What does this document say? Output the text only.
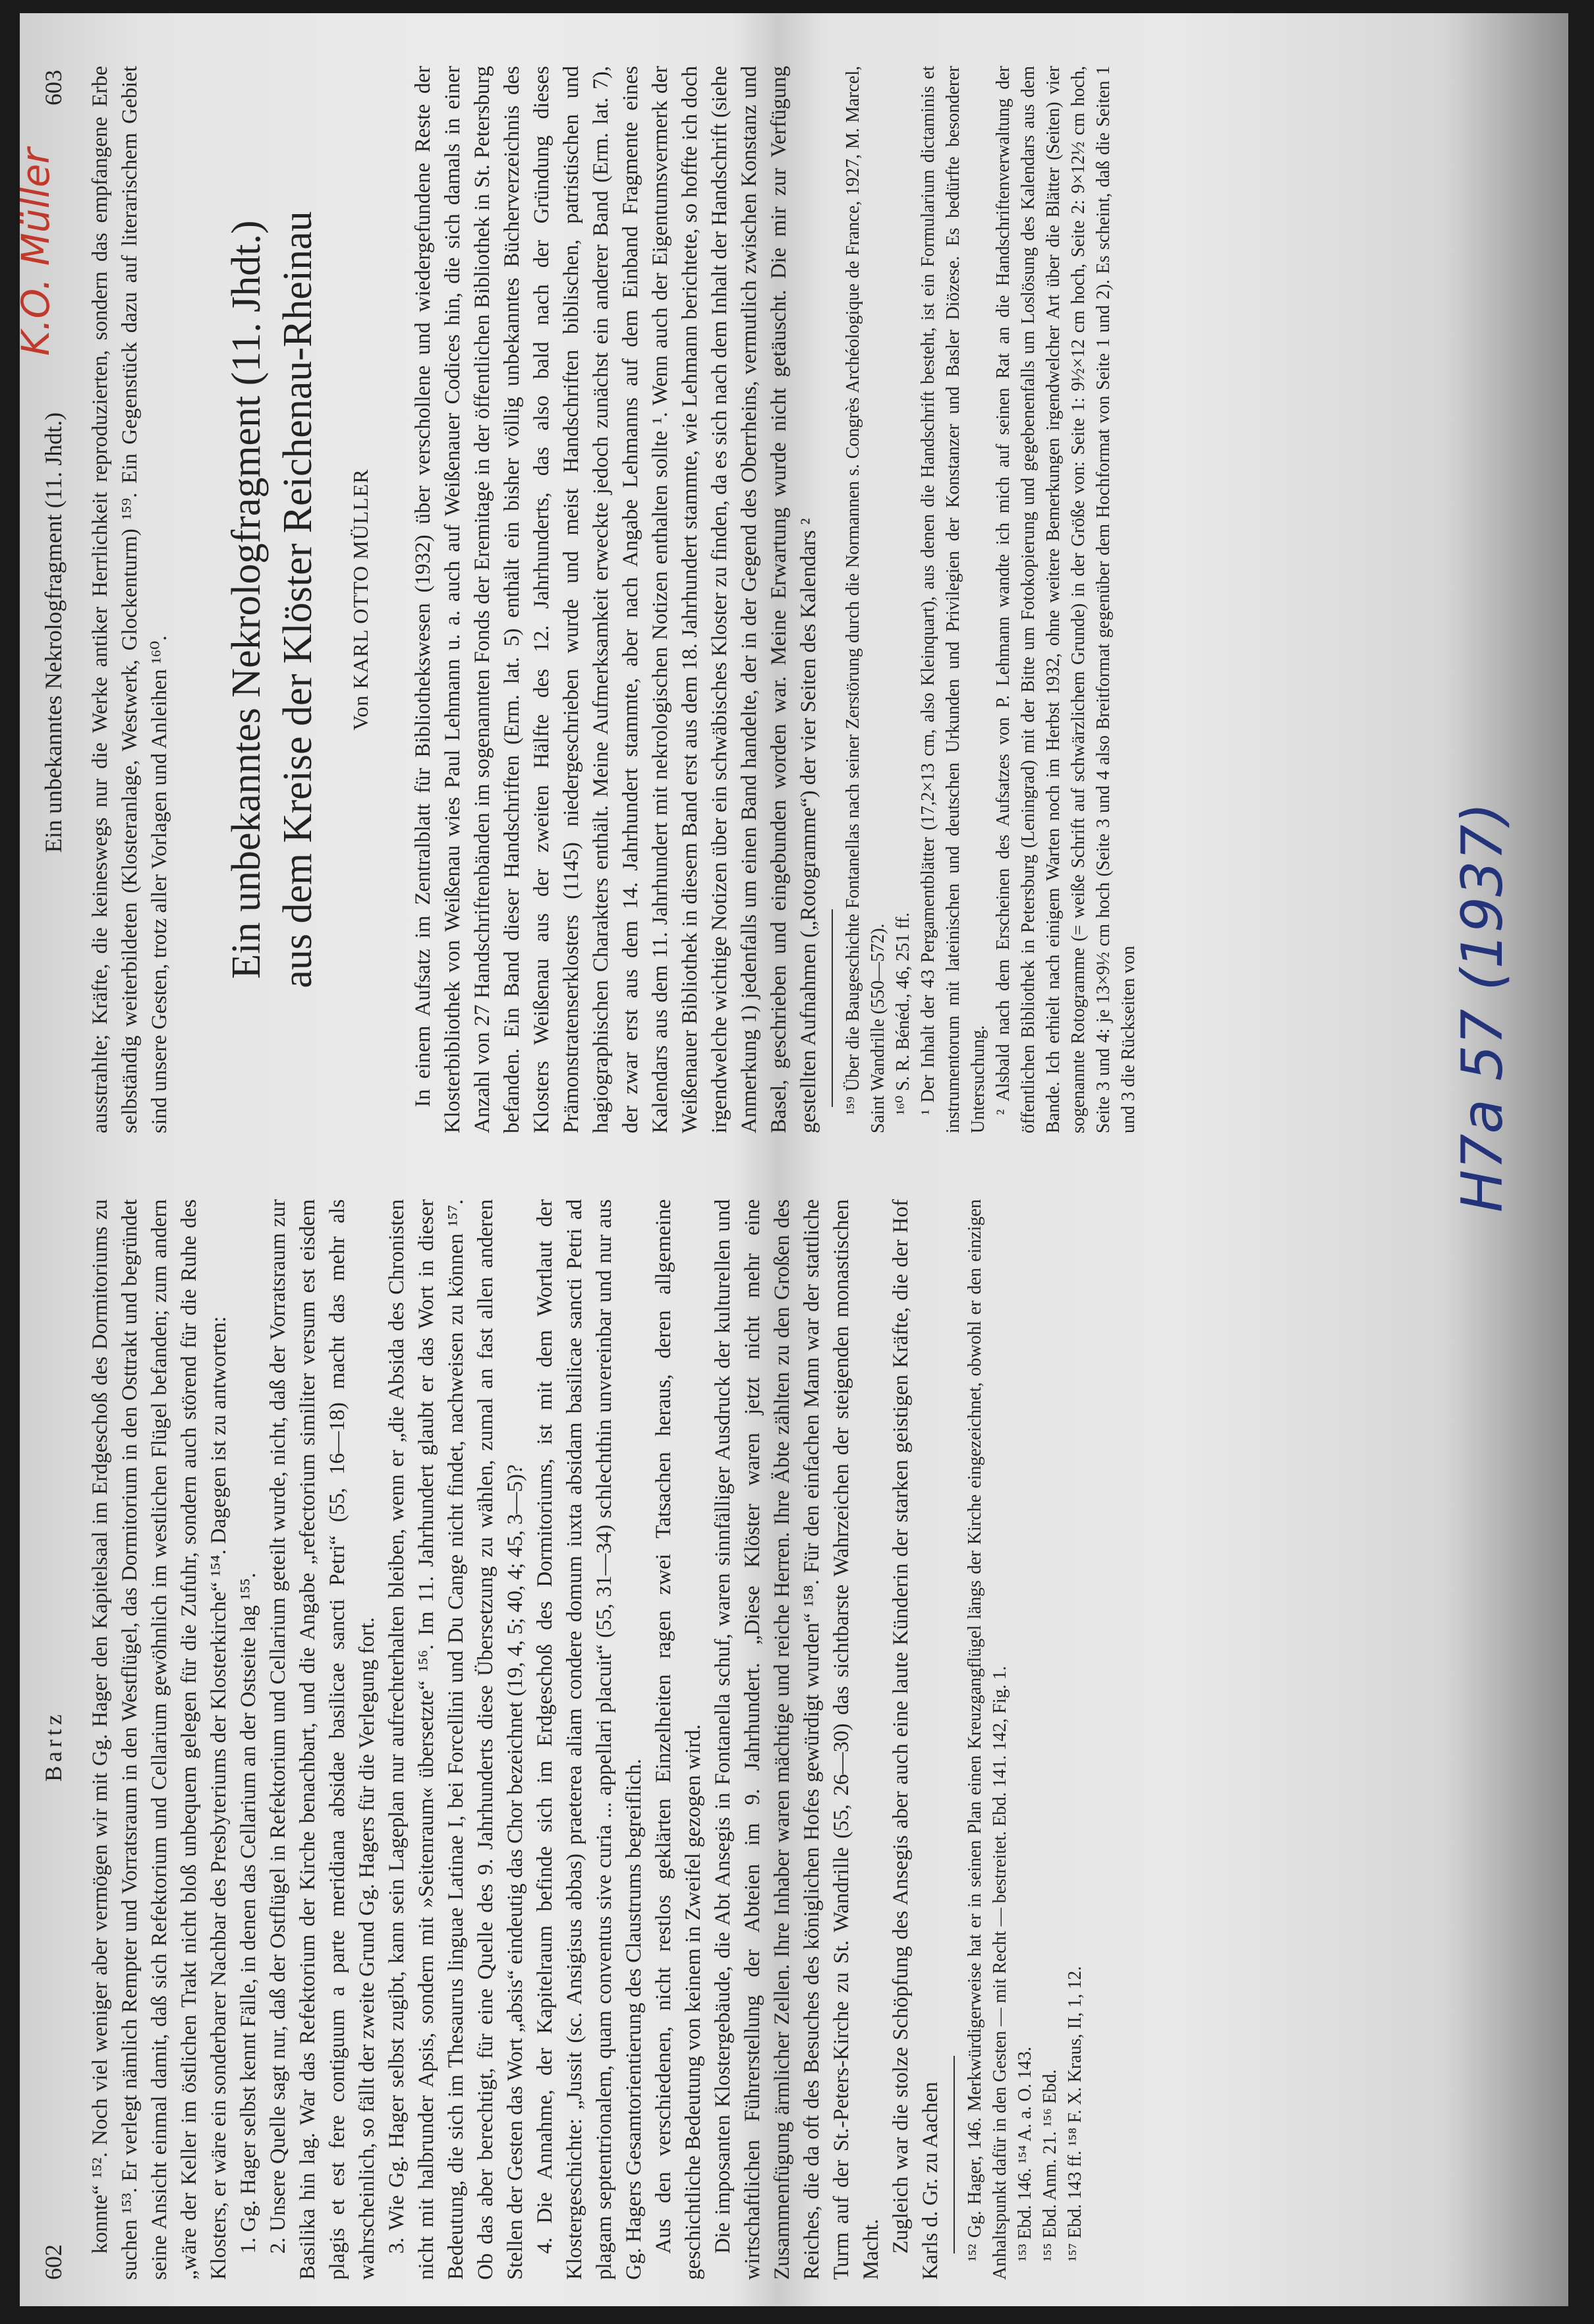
602
Bartz konnte“ ¹⁵². Noch viel weniger aber vermögen wir mit Gg. Hager den Kapitelsaal im Erdgeschoß des Dormitoriums zu suchen ¹⁵³. Er verlegt nämlich Rempter und Vorratsraum in den Westflügel, das Dormitorium in den Osttrakt und begründet seine Ansicht einmal damit, daß sich Refektorium und Cellarium gewöhnlich im westlichen Flügel befanden; zum andern „wäre der Keller im östlichen Trakt nicht bloß unbequem gelegen für die Zufuhr, sondern auch störend für die Ruhe des Klosters, er wäre ein sonderbarer Nachbar des Presbyteriums der Klosterkirche“ ¹⁵⁴. Dagegen ist zu antworten: 1. Gg. Hager selbst kennt Fälle, in denen das Cellarium an der Ostseite lag ¹⁵⁵. 2. Unsere Quelle sagt nur, daß der Ostflügel in Refektorium und Cellarium geteilt wurde, nicht, daß der Vorratsraum zur Basilika hin lag. War das Refektorium der Kirche benachbart, und die Angabe „refectorium similiter versum est eisdem plagis et est fere contiguum a parte meridiana absidae basilicae sancti Petri“ (55, 16—18) macht das mehr als wahrscheinlich, so fällt der zweite Grund Gg. Hagers für die Verlegung fort. 3. Wie Gg. Hager selbst zugibt, kann sein Lageplan nur aufrechterhalten bleiben, wenn er „die Absida des Chronisten nicht mit halbrunder Apsis, sondern mit »Seitenraum« übersetzte“ ¹⁵⁶. Im 11. Jahrhundert glaubt er das Wort in dieser Bedeutung, die sich im Thesaurus linguae Latinae I, bei Forcellini und Du Cange nicht findet, nachweisen zu können ¹⁵⁷. Ob das aber berechtigt, für eine Quelle des 9. Jahrhunderts diese Übersetzung zu wählen, zumal an fast allen anderen Stellen der Gesten das Wort „absis“ eindeutig das Chor bezeichnet (19, 4, 5; 40, 4; 45, 3—5)? 4. Die Annahme, der Kapitelraum befinde sich im Erdgeschoß des Dormitoriums, ist mit dem Wortlaut der Klostergeschichte: „Jussit (sc. Ansigisus abbas) praeterea aliam condere domum iuxta absidam basilicae sancti Petri ad plagam septentrionalem, quam conventus sive curia ... appellari placuit“ (55, 31—34) schlechthin unvereinbar und nur aus Gg. Hagers Gesamtorientierung des Claustrums begreiflich. Aus den verschiedenen, nicht restlos geklärten Einzelheiten ragen zwei Tatsachen heraus, deren allgemeine geschichtliche Bedeutung von keinem in Zweifel gezogen wird. Die imposanten Klostergebäude, die Abt Ansegis in Fontanella schuf, waren sinnfälliger Ausdruck der kulturellen und wirtschaftlichen Führerstellung der Abteien im 9. Jahrhundert. „Diese Klöster waren jetzt nicht mehr eine Zusammenfügung ärmlicher Zellen. Ihre Inhaber waren mächtige und reiche Herren. Ihre Äbte zählten zu den Großen des Reiches, die da oft des Besuches des königlichen Hofes gewürdigt wurden“ ¹⁵⁸. Für den einfachen Mann war der stattliche Turm auf der St.-Peters-Kirche zu St. Wandrille (55, 26—30) das sichtbarste Wahrzeichen der steigenden monastischen Macht. Zugleich war die stolze Schöpfung des Ansegis aber auch eine laute Künderin der starken geistigen Kräfte, die der Hof Karls d. Gr. zu Aachen ¹⁵² Gg. Hager, 146. Merkwürdigerweise hat er in seinen Plan einen Kreuzgangflügel längs der Kirche eingezeichnet, obwohl er den einzigen Anhaltspunkt dafür in den Gesten — mit Recht — bestreitet. Ebd. 141. 142, Fig. 1. ¹⁵³ Ebd. 146. ¹⁵⁴ A. a. O. 143. ¹⁵⁵ Ebd. Anm. 21. ¹⁵⁶ Ebd. ¹⁵⁷ Ebd. 143 ff. ¹⁵⁸ F. X. Kraus, II, 1, 12.

Ein unbekanntes Nekrologfragment (11. Jhdt.)
603 ausstrahlte; Kräfte, die keineswegs nur die Werke antiker Herrlichkeit reproduzierten, sondern das empfangene Erbe selbständig weiterbildeten (Klosteranlage, Westwerk, Glockenturm) ¹⁵⁹. Ein Gegenstück dazu auf literarischem Gebiet sind unsere Gesten, trotz aller Vorlagen und Anleihen ¹⁶⁰. Ein unbekanntes Nekrologfragment (11. Jhdt.) aus dem Kreise der Klöster Reichenau-Rheinau Von KARL OTTO MÜLLER In einem Aufsatz im Zentralblatt für Bibliothekswesen (1932) über verschollene und wiedergefundene Reste der Klosterbibliothek von Weißenau wies Paul Lehmann u. a. auch auf Weißenauer Codices hin, die sich damals in einer Anzahl von 27 Handschriftenbänden im sogenannten Fonds der Eremitage in der öffentlichen Bibliothek in St. Petersburg befanden. Ein Band dieser Handschriften (Erm. lat. 5) enthält ein bisher völlig unbekanntes Bücherverzeichnis des Klosters Weißenau aus der zweiten Hälfte des 12. Jahrhunderts, das also bald nach der Gründung dieses Prämonstratenserklosters (1145) niedergeschrieben wurde und meist Handschriften biblischen, patristischen und hagiographischen Charakters enthält. Meine Aufmerksamkeit erweckte jedoch zunächst ein anderer Band (Erm. lat. 7), der zwar erst aus dem 14. Jahrhundert stammte, aber nach Angabe Lehmanns auf dem Einband Fragmente eines Kalendars aus dem 11. Jahrhundert mit nekrologischen Notizen enthalten sollte ¹. Wenn auch der Eigentumsvermerk der Weißenauer Bibliothek in diesem Band erst aus dem 18. Jahrhundert stammte, wie Lehmann berichtete, so hoffte ich doch irgendwelche wichtige Notizen über ein schwäbisches Kloster zu finden, da es sich nach dem Inhalt der Handschrift (siehe Anmerkung 1) jedenfalls um einen Band handelte, der in der Gegend des Oberrheins, vermutlich zwischen Konstanz und Basel, geschrieben und eingebunden worden war. Meine Erwartung wurde nicht getäuscht. Die mir zur Verfügung gestellten Aufnahmen („Rotogramme“) der vier Seiten des Kalendars ² ¹⁵⁹ Über die Baugeschichte Fontanellas nach seiner Zerstörung durch die Normannen s. Congrès Archéologique de France, 1927, M. Marcel, Saint Wandrille (550—572). ¹⁶⁰ S. R. Bénéd., 46, 251 ff. ¹ Der Inhalt der 43 Pergamentblätter (17,2×13 cm, also Kleinquart), aus denen die Handschrift besteht, ist ein Formularium dictaminis et instrumentorum mit lateinischen und deutschen Urkunden und Privilegien der Konstanzer und Basler Diözese. Es bedürfte besonderer Untersuchung. ² Alsbald nach dem Erscheinen des Aufsatzes von P. Lehmann wandte ich mich auf seinen Rat an die Handschriftenverwaltung der öffentlichen Bibliothek in Petersburg (Leningrad) mit der Bitte um Fotokopierung und gegebenenfalls um Loslösung des Kalendars aus dem Bande. Ich erhielt nach einigem Warten noch im Herbst 1932, ohne weitere Bemerkungen irgendwelcher Art über die Blätter (Seiten) vier sogenannte Rotogramme (= weiße Schrift auf schwärzlichem Grunde) in der Größe von: Seite 1: 9½×12 cm hoch, Seite 2: 9×12½ cm hoch, Seite 3 und 4: je 13×9½ cm hoch (Seite 3 und 4 also Breitformat gegenüber dem Hochformat von Seite 1 und 2). Es scheint, daß die Seiten 1 und 3 die Rückseiten von

K.O. Müller
H7a 57 (1937)
